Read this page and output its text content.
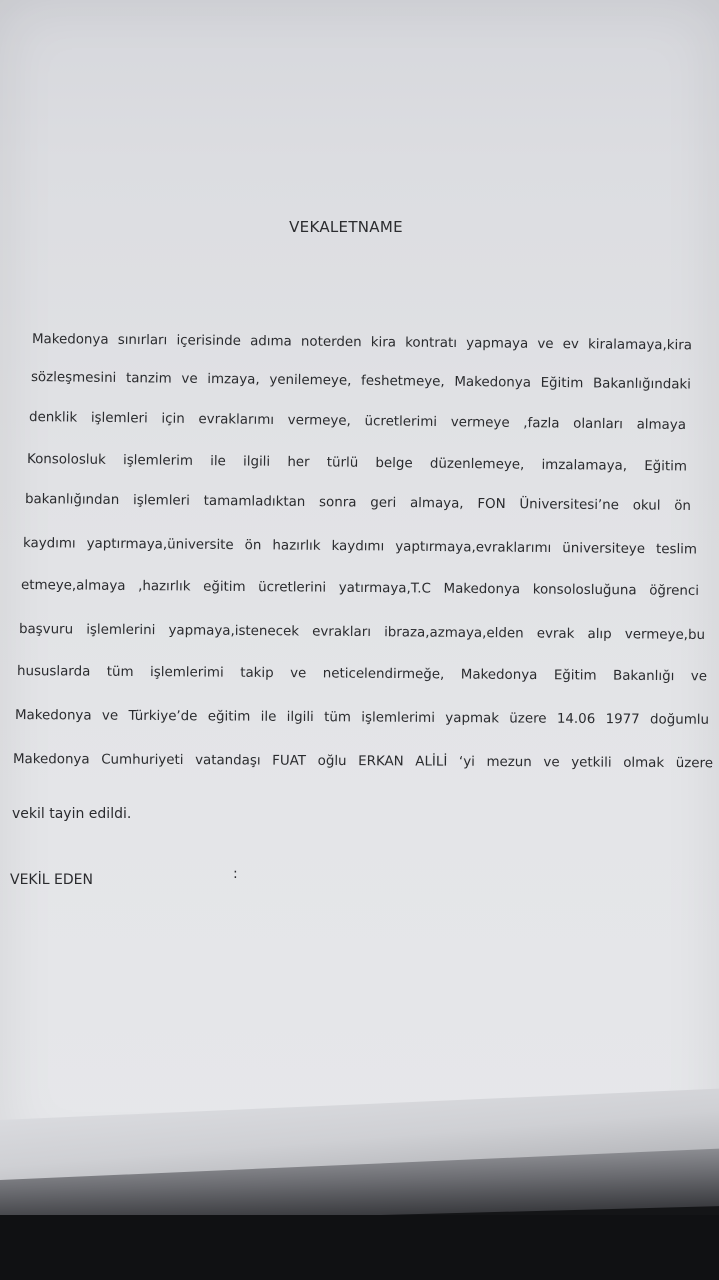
VEKALETNAME
Makedonya sınırları içerisinde adıma noterden kira kontratı yapmaya ve ev kiralamaya,kira
sözleşmesini tanzim ve imzaya, yenilemeye, feshetmeye, Makedonya Eğitim Bakanlığındaki
denklik işlemleri için evraklarımı vermeye, ücretlerimi vermeye ,fazla olanları almaya
Konsolosluk işlemlerim ile ilgili her türlü belge düzenlemeye, imzalamaya, Eğitim
bakanlığından işlemleri tamamladıktan sonra geri almaya, FON Üniversitesi’ne okul ön
kaydımı yaptırmaya,üniversite ön hazırlık kaydımı yaptırmaya,evraklarımı üniversiteye teslim
etmeye,almaya ,hazırlık eğitim ücretlerini yatırmaya,T.C Makedonya konsolosluğuna öğrenci
başvuru işlemlerini yapmaya,istenecek evrakları ibraza,azmaya,elden evrak alıp vermeye,bu
hususlarda tüm işlemlerimi takip ve neticelendirmeğe, Makedonya Eğitim Bakanlığı ve
Makedonya ve Türkiye’de eğitim ile ilgili tüm işlemlerimi yapmak üzere 14.06 1977 doğumlu
Makedonya Cumhuriyeti vatandaşı FUAT oğlu ERKAN ALİLİ ‘yi mezun ve yetkili olmak üzere
vekil tayin edildi.
VEKİL EDEN	:
